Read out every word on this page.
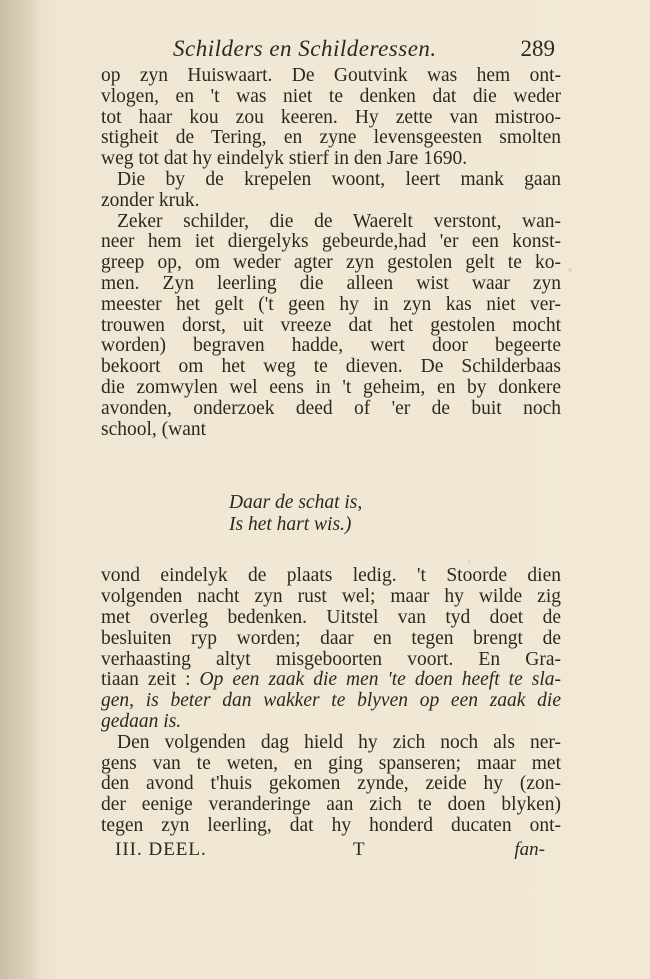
Schilders en Schilderessen.	289
op zyn Huiswaart. De Goutvink was hem ont-
vlogen, en 't was niet te denken dat die weder
tot haar kou zou keeren. Hy zette van mistroo-
stigheit de Tering, en zyne levensgeesten smolten
weg tot dat hy eindelyk stierf in den Jare 1690.
Die by de krepelen woont, leert mank gaan
zonder kruk.
Zeker schilder, die de Waerelt verstont, wan-
neer hem iet diergelyks gebeurde,had 'er een konst-
greep op, om weder agter zyn gestolen gelt te ko-
men. Zyn leerling die alleen wist waar zyn
meester het gelt ('t geen hy in zyn kas niet ver-
trouwen dorst, uit vreeze dat het gestolen mocht
worden) begraven hadde, wert door begeerte
bekoort om het weg te dieven. De Schilderbaas
die zomwylen wel eens in 't geheim, en by donkere
avonden, onderzoek deed of 'er de buit noch
school, (want
Daar de schat is,
Is het hart wis.)
vond eindelyk de plaats ledig. 't Stoorde dien
volgenden nacht zyn rust wel; maar hy wilde zig
met overleg bedenken. Uitstel van tyd doet de
besluiten ryp worden; daar en tegen brengt de
verhaasting altyt misgeboorten voort. En Gra-
tiaan zeit : Op een zaak die men 'te doen heeft te sla-
gen, is beter dan wakker te blyven op een zaak die
gedaan is.
Den volgenden dag hield hy zich noch als ner-
gens van te weten, en ging spanseren; maar met
den avond t'huis gekomen zynde, zeide hy (zon-
der eenige veranderinge aan zich te doen blyken)
tegen zyn leerling, dat hy honderd ducaten ont-
III. DEEL.	T	fan-
